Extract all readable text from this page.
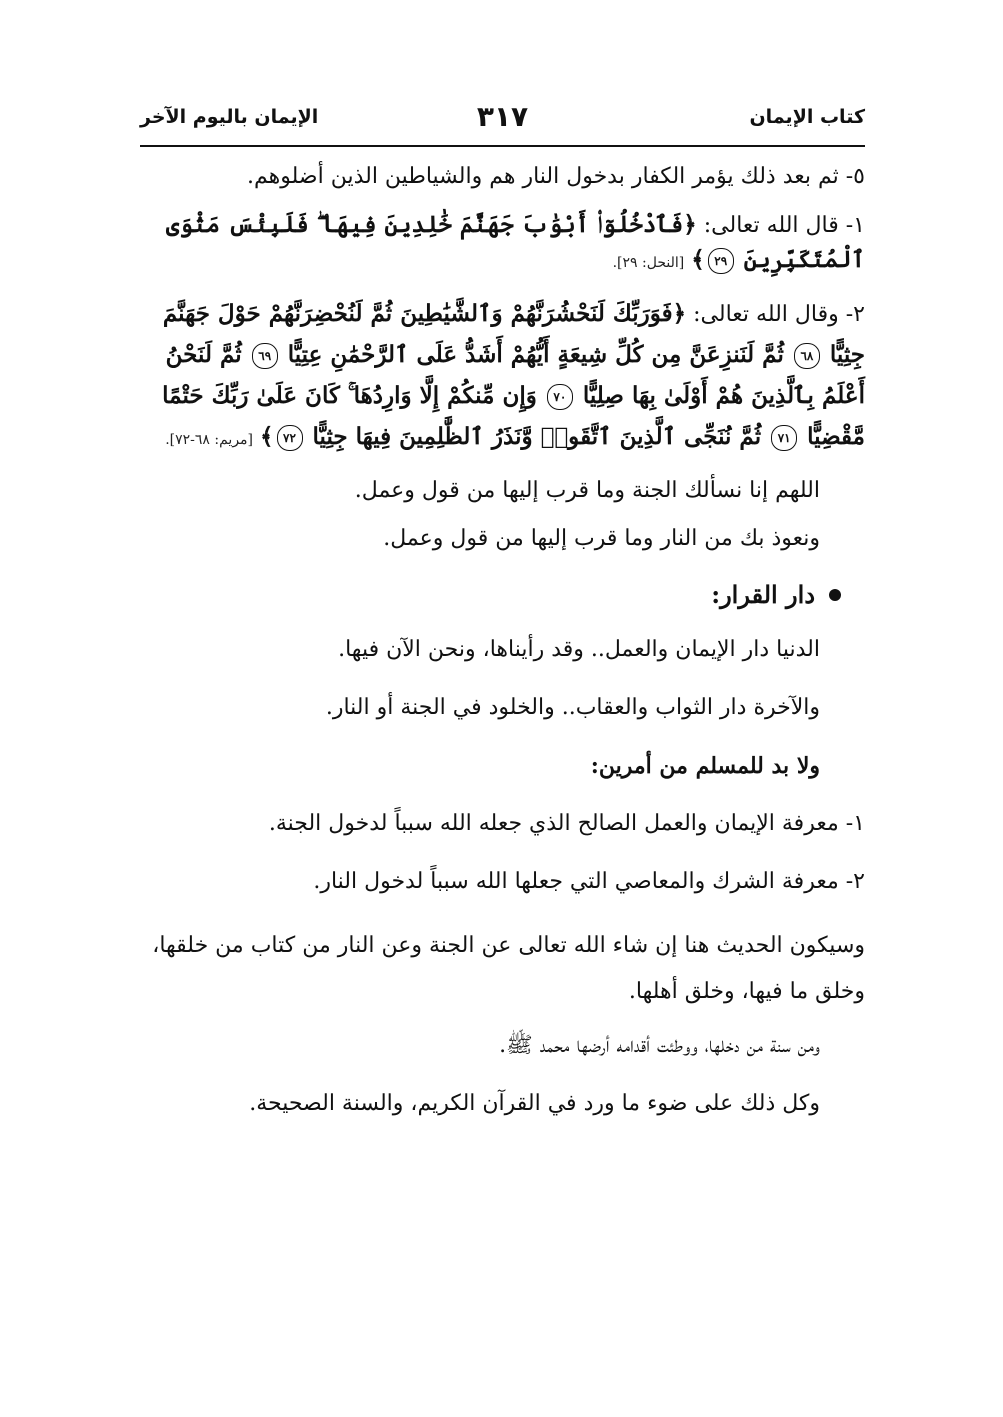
كتاب الإيمان
٣١٧
الإيمان باليوم الآخر

٥- ثم بعد ذلك يؤمر الكفار بدخول النار هم والشياطين الذين أضلوهم.

١- قال الله تعالى: ﴿فَٱدْخُلُوٓا۟ أَبْوَٰبَ جَهَنَّمَ خَٰلِدِينَ فِيهَا ۖ فَلَبِئْسَ مَثْوَى ٱلْمُتَكَبِّرِينَ ٢٩﴾ [النحل: ٢٩].

٢- وقال الله تعالى: ﴿فَوَرَبِّكَ لَنَحْشُرَنَّهُمْ وَٱلشَّيَٰطِينَ ثُمَّ لَنُحْضِرَنَّهُمْ حَوْلَ جَهَنَّمَ جِثِيًّا ٦٨ ثُمَّ لَنَنزِعَنَّ مِن كُلِّ شِيعَةٍ أَيُّهُمْ أَشَدُّ عَلَى ٱلرَّحْمَٰنِ عِتِيًّا ٦٩ ثُمَّ لَنَحْنُ أَعْلَمُ بِٱلَّذِينَ هُمْ أَوْلَىٰ بِهَا صِلِيًّا ٧٠ وَإِن مِّنكُمْ إِلَّا وَارِدُهَا ۚ كَانَ عَلَىٰ رَبِّكَ حَتْمًا مَّقْضِيًّا ٧١ ثُمَّ نُنَجِّى ٱلَّذِينَ ٱتَّقَوا۟ وَّنَذَرُ ٱلظَّٰلِمِينَ فِيهَا جِثِيًّا ٧٢﴾ [مريم: ٦٨-٧٢].

اللهم إنا نسألك الجنة وما قرب إليها من قول وعمل.

ونعوذ بك من النار وما قرب إليها من قول وعمل.

دار القرار:

الدنيا دار الإيمان والعمل.. وقد رأيناها، ونحن الآن فيها.

والآخرة دار الثواب والعقاب.. والخلود في الجنة أو النار.

ولا بد للمسلم من أمرين:

١- معرفة الإيمان والعمل الصالح الذي جعله الله سبباً لدخول الجنة.

٢- معرفة الشرك والمعاصي التي جعلها الله سبباً لدخول النار.

وسيكون الحديث هنا إن شاء الله تعالى عن الجنة وعن النار من كتاب من خلقها، وخلق ما فيها، وخلق أهلها.

ومن سنة من دخلها، ووطئت أقدامه أرضها محمد ﷺ.

وكل ذلك على ضوء ما ورد في القرآن الكريم، والسنة الصحيحة.
